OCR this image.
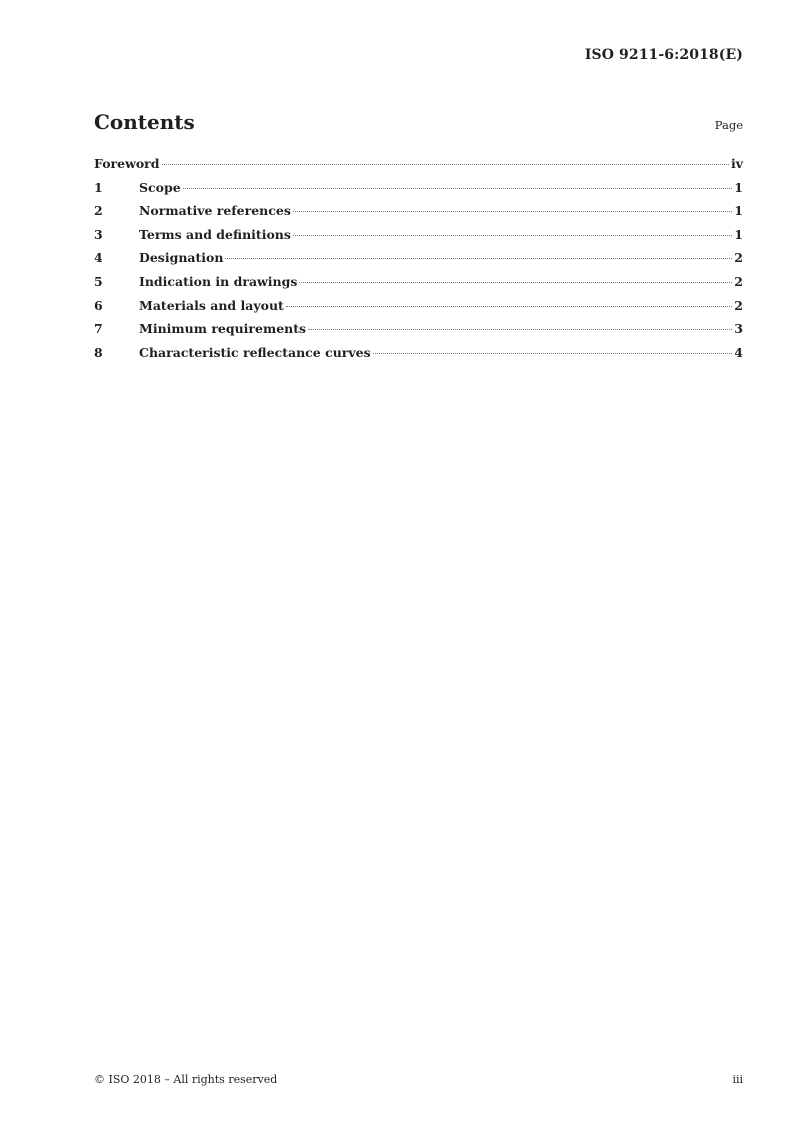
ISO 9211-6:2018(E)
Contents	Page
Foreword	iv
1	Scope	1
2	Normative references	1
3	Terms and definitions	1
4	Designation	2
5	Indication in drawings	2
6	Materials and layout	2
7	Minimum requirements	3
8	Characteristic reflectance curves	4
© ISO 2018 – All rights reserved	iii
